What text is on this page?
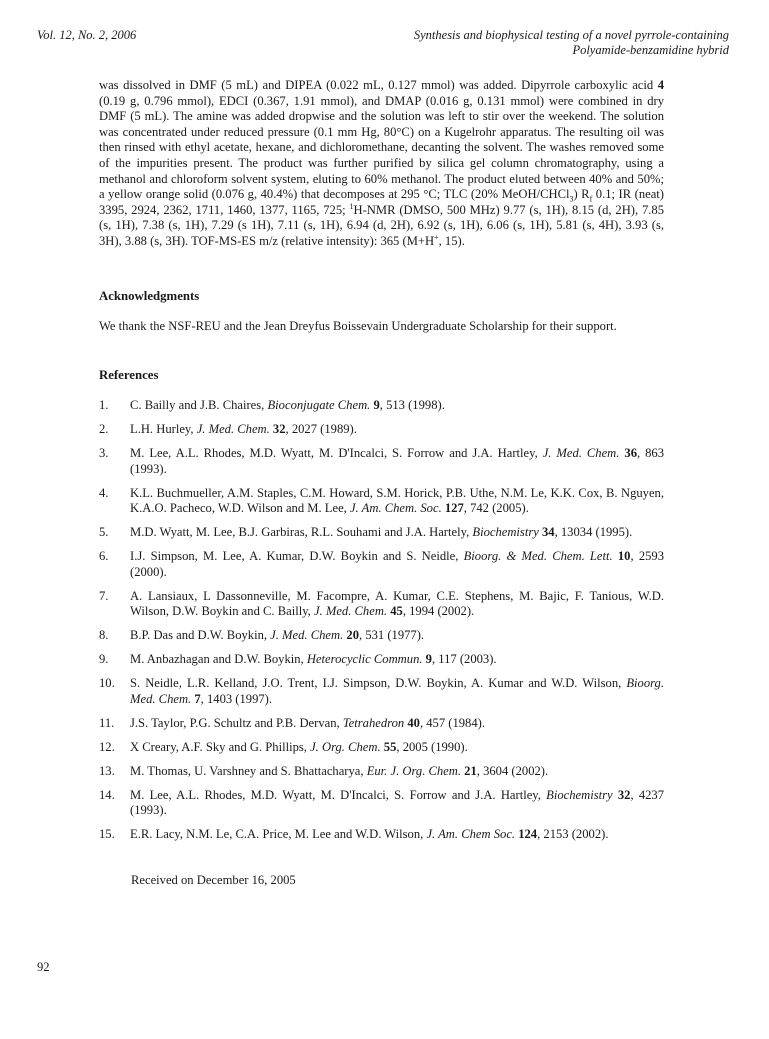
Vol. 12, No. 2, 2006	Synthesis and biophysical testing of a novel pyrrole-containing
Polyamide-benzamidine hybrid
was dissolved in DMF (5 mL) and DIPEA (0.022 mL, 0.127 mmol) was added. Dipyrrole carboxylic acid 4 (0.19 g, 0.796 mmol), EDCI (0.367, 1.91 mmol), and DMAP (0.016 g, 0.131 mmol) were combined in dry DMF (5 mL). The amine was added dropwise and the solution was left to stir over the weekend. The solution was concentrated under reduced pressure (0.1 mm Hg, 80°C) on a Kugelrohr apparatus. The resulting oil was then rinsed with ethyl acetate, hexane, and dichloromethane, decanting the solvent. The washes removed some of the impurities present. The product was further purified by silica gel column chromatography, using a methanol and chloroform solvent system, eluting to 60% methanol. The product eluted between 40% and 50%; a yellow orange solid (0.076 g, 40.4%) that decomposes at 295 °C; TLC (20% MeOH/CHCl$_3$) $R_f$ 0.1; IR (neat) 3395, 2924, 2362, 1711, 1460, 1377, 1165, 725; $^1$H-NMR (DMSO, 500 MHz) 9.77 (s, 1H), 8.15 (d, 2H), 7.85 (s, 1H), 7.38 (s, 1H), 7.29 (s 1H), 7.11 (s, 1H), 6.94 (d, 2H), 6.92 (s, 1H), 6.06 (s, 1H), 5.81 (s, 4H), 3.93 (s, 3H), 3.88 (s, 3H). TOF-MS-ES m/z (relative intensity): 365 (M+H+, 15).
Acknowledgments
We thank the NSF-REU and the Jean Dreyfus Boissevain Undergraduate Scholarship for their support.
References
1.	C. Bailly and J.B. Chaires, Bioconjugate Chem. 9, 513 (1998).
2.	L.H. Hurley, J. Med. Chem. 32, 2027 (1989).
3.	M. Lee, A.L. Rhodes, M.D. Wyatt, M. D'Incalci, S. Forrow and J.A. Hartley, J. Med. Chem. 36, 863 (1993).
4.	K.L. Buchmueller, A.M. Staples, C.M. Howard, S.M. Horick, P.B. Uthe, N.M. Le, K.K. Cox, B. Nguyen, K.A.O. Pacheco, W.D. Wilson and M. Lee, J. Am. Chem. Soc. 127, 742 (2005).
5.	M.D. Wyatt, M. Lee, B.J. Garbiras, R.L. Souhami and J.A. Hartely, Biochemistry 34, 13034 (1995).
6.	I.J. Simpson, M. Lee, A. Kumar, D.W. Boykin and S. Neidle, Bioorg. & Med. Chem. Lett. 10, 2593 (2000).
7.	A. Lansiaux, L Dassonneville, M. Facompre, A. Kumar, C.E. Stephens, M. Bajic, F. Tanious, W.D. Wilson, D.W. Boykin and C. Bailly, J. Med. Chem. 45, 1994 (2002).
8.	B.P. Das and D.W. Boykin, J. Med. Chem. 20, 531 (1977).
9.	M. Anbazhagan and D.W. Boykin, Heterocyclic Commun. 9, 117 (2003).
10.	S. Neidle, L.R. Kelland, J.O. Trent, I.J. Simpson, D.W. Boykin, A. Kumar and W.D. Wilson, Bioorg. Med. Chem. 7, 1403 (1997).
11.	J.S. Taylor, P.G. Schultz and P.B. Dervan, Tetrahedron 40, 457 (1984).
12.	X Creary, A.F. Sky and G. Phillips, J. Org. Chem. 55, 2005 (1990).
13.	M. Thomas, U. Varshney and S. Bhattacharya, Eur. J. Org. Chem. 21, 3604 (2002).
14.	M. Lee, A.L. Rhodes, M.D. Wyatt, M. D'Incalci, S. Forrow and J.A. Hartley, Biochemistry 32, 4237 (1993).
15.	E.R. Lacy, N.M. Le, C.A. Price, M. Lee and W.D. Wilson, J. Am. Chem Soc. 124, 2153 (2002).
Received on December 16, 2005
92
